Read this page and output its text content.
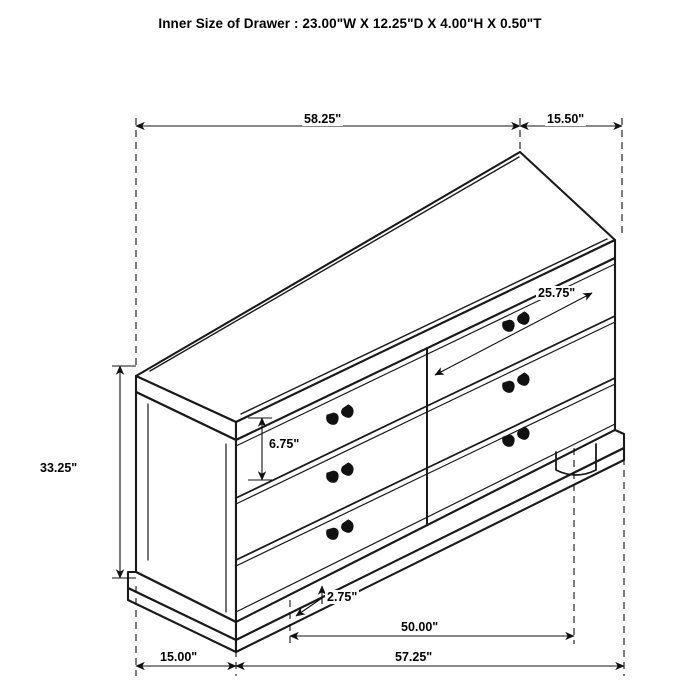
Inner Size of Drawer : 23.00"W X 12.25"D X 4.00"H X 0.50"T
58.25"	15.50"
25.75"
6.75"
33.25"
2.75"
50.00"
15.00"	57.25"
